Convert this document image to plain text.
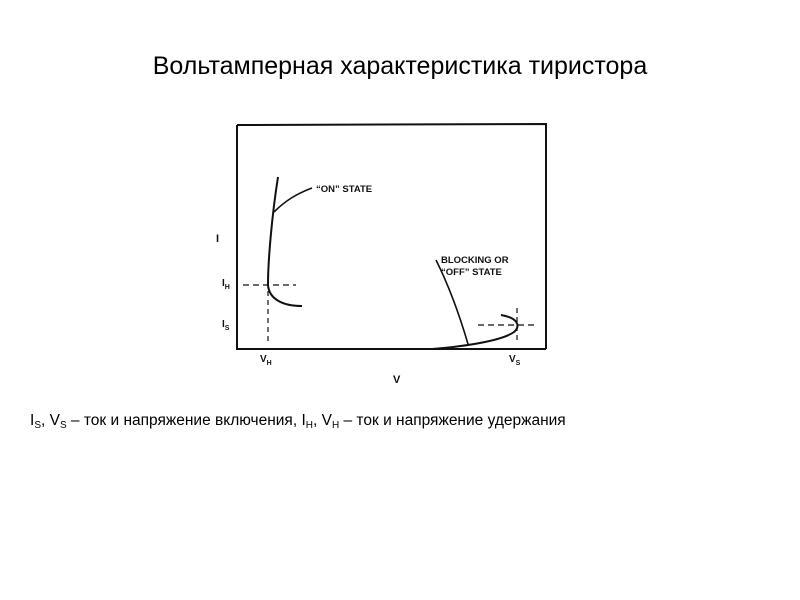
Вольтамперная характеристика тиристора
“ON” STATE
BLOCKING OR
“OFF” STATE
I
V
$I_H$
$I_S$
$V_H$	$V_S$
$I_S$, $V_S$ – ток и напряжение включения, $I_H$, $V_H$ – ток и напряжение удержания
